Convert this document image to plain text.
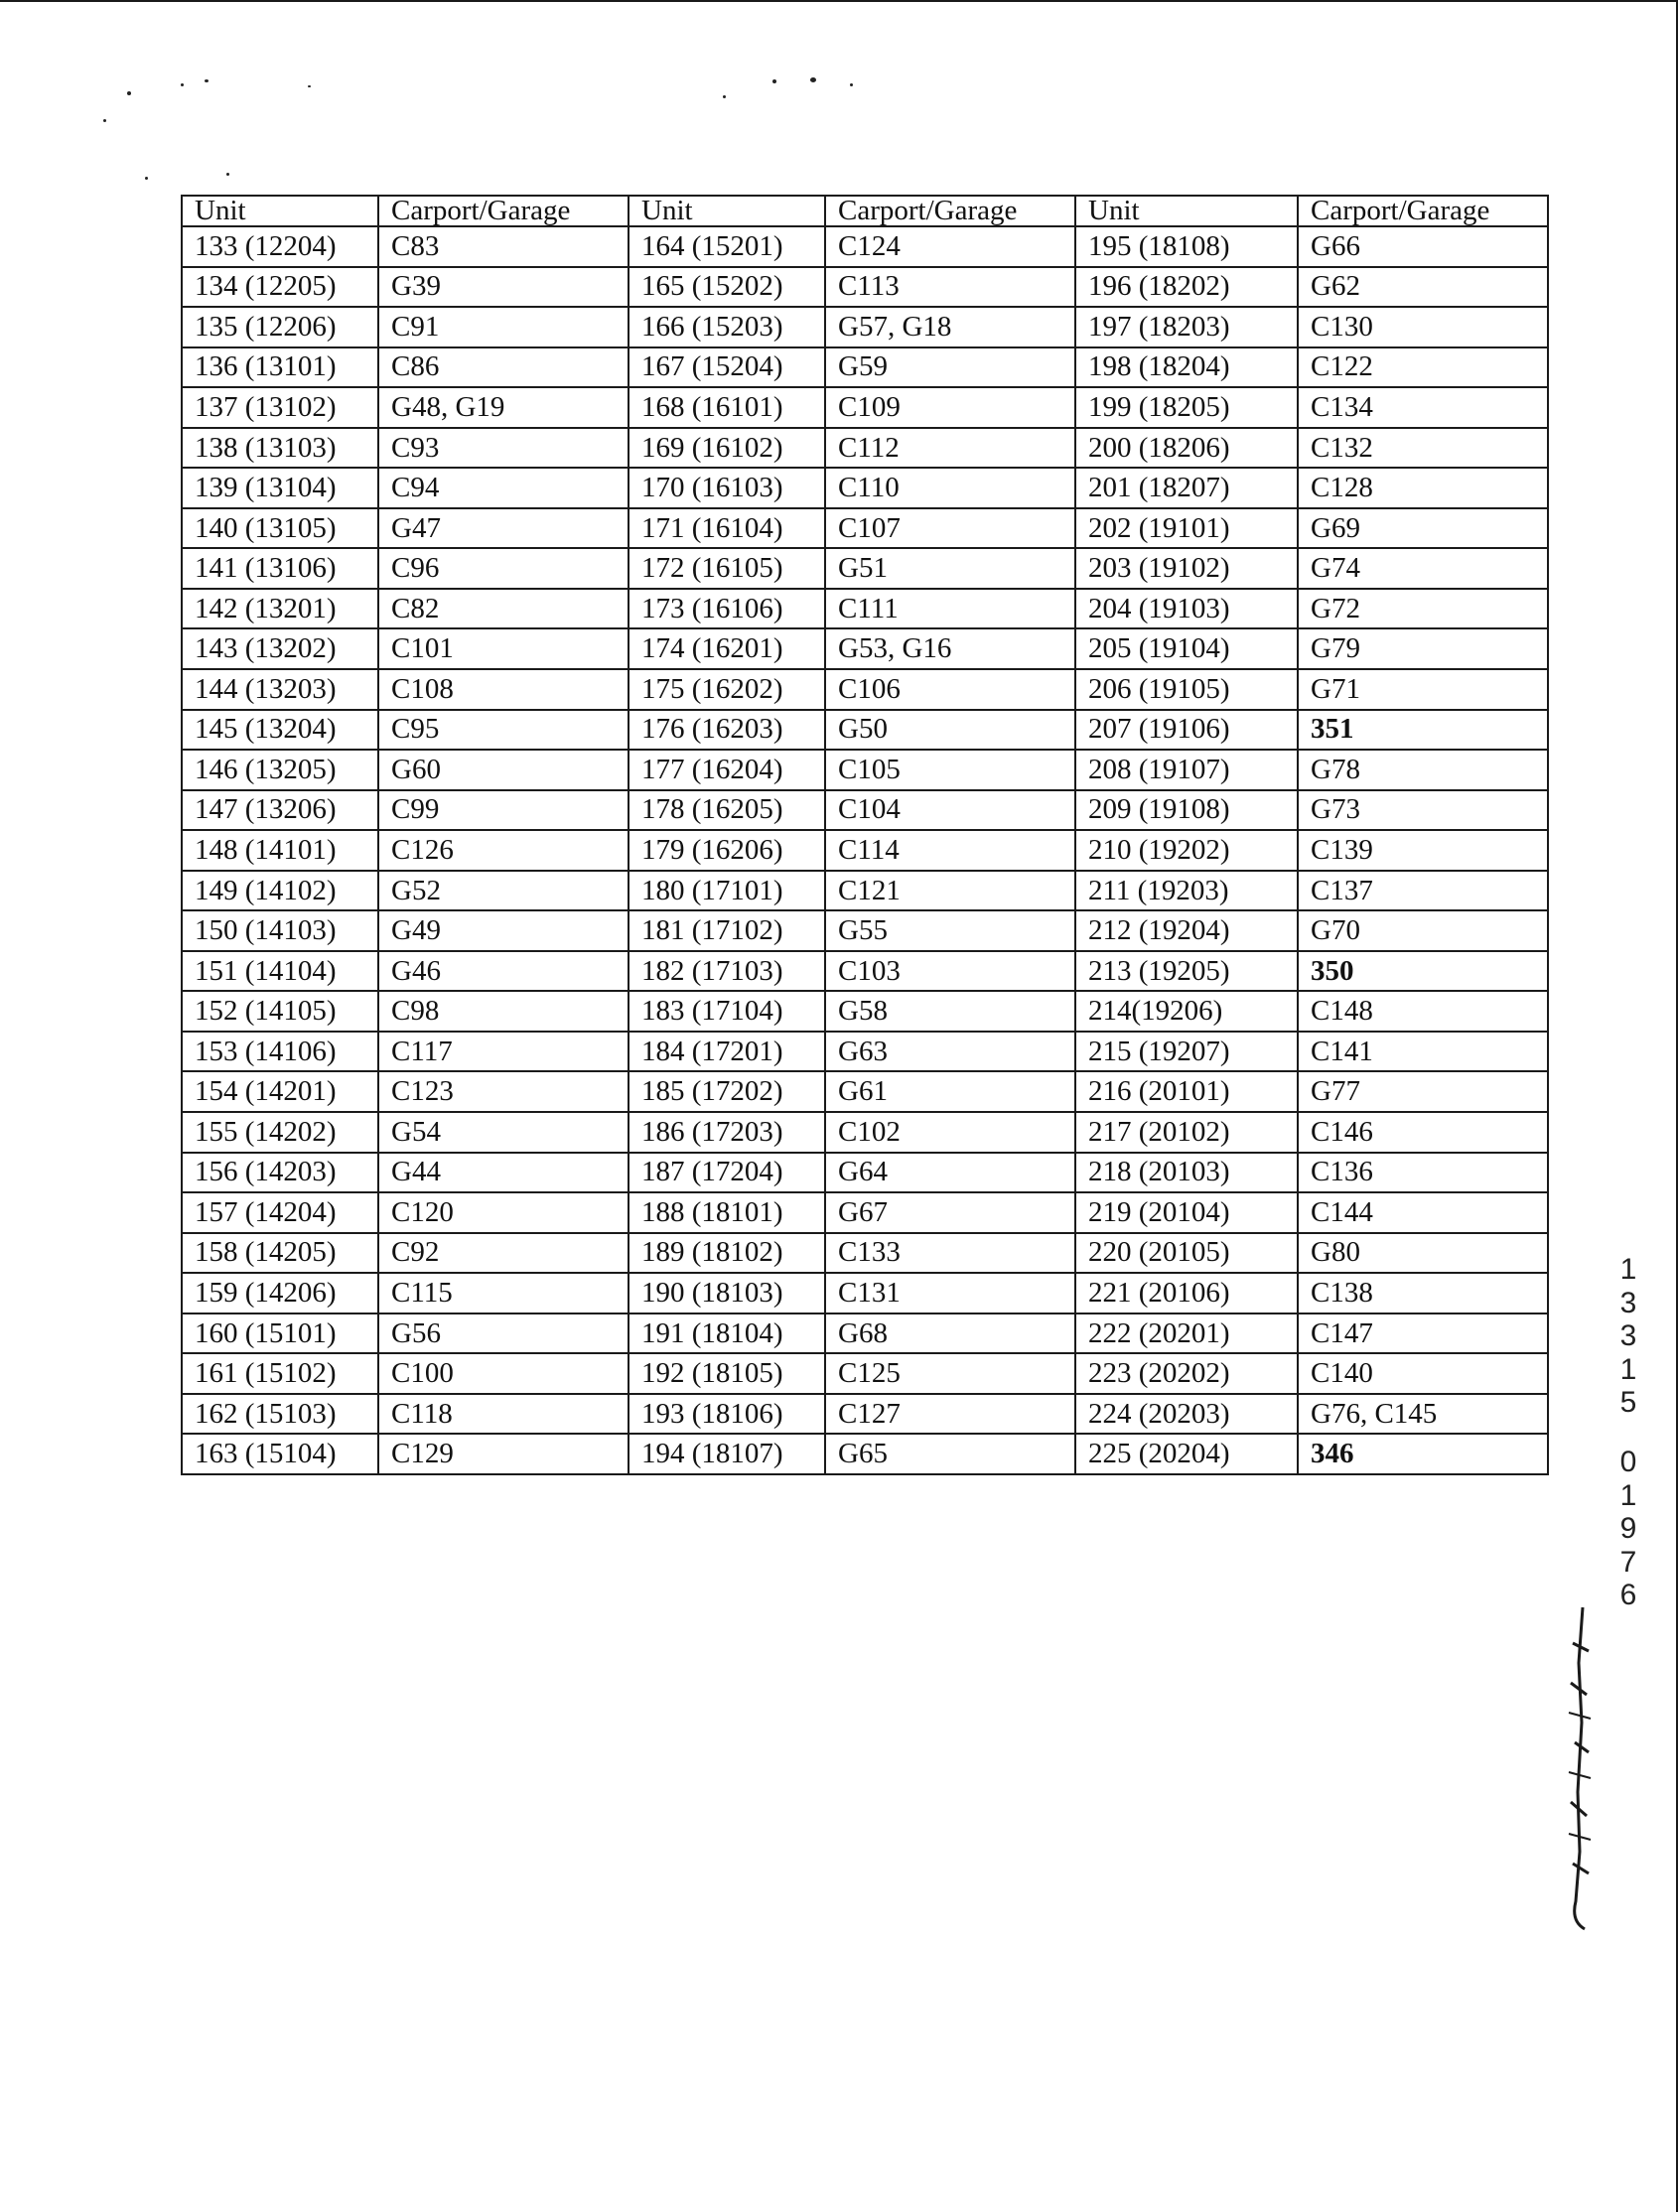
Unit	Carport/Garage	Unit	Carport/Garage	Unit	Carport/Garage
133 (12204)	C83	164 (15201)	C124	195 (18108)	G66
134 (12205)	G39	165 (15202)	C113	196 (18202)	G62
135 (12206)	C91	166 (15203)	G57, G18	197 (18203)	C130
136 (13101)	C86	167 (15204)	G59	198 (18204)	C122
137 (13102)	G48, G19	168 (16101)	C109	199 (18205)	C134
138 (13103)	C93	169 (16102)	C112	200 (18206)	C132
139 (13104)	C94	170 (16103)	C110	201 (18207)	C128
140 (13105)	G47	171 (16104)	C107	202 (19101)	G69
141 (13106)	C96	172 (16105)	G51	203 (19102)	G74
142 (13201)	C82	173 (16106)	C111	204 (19103)	G72
143 (13202)	C101	174 (16201)	G53, G16	205 (19104)	G79
144 (13203)	C108	175 (16202)	C106	206 (19105)	G71
145 (13204)	C95	176 (16203)	G50	207 (19106)	351
146 (13205)	G60	177 (16204)	C105	208 (19107)	G78
147 (13206)	C99	178 (16205)	C104	209 (19108)	G73
148 (14101)	C126	179 (16206)	C114	210 (19202)	C139
149 (14102)	G52	180 (17101)	C121	211 (19203)	C137
150 (14103)	G49	181 (17102)	G55	212 (19204)	G70
151 (14104)	G46	182 (17103)	C103	213 (19205)	350
152 (14105)	C98	183 (17104)	G58	214(19206)	C148
153 (14106)	C117	184 (17201)	G63	215 (19207)	C141
154 (14201)	C123	185 (17202)	G61	216 (20101)	G77
155 (14202)	G54	186 (17203)	C102	217 (20102)	C146
156 (14203)	G44	187 (17204)	G64	218 (20103)	C136
157 (14204)	C120	188 (18101)	G67	219 (20104)	C144
158 (14205)	C92	189 (18102)	C133	220 (20105)	G80
159 (14206)	C115	190 (18103)	C131	221 (20106)	C138
160 (15101)	G56	191 (18104)	G68	222 (20201)	C147
161 (15102)	C100	192 (18105)	C125	223 (20202)	C140
162 (15103)	C118	193 (18106)	C127	224 (20203)	G76, C145
163 (15104)	C129	194 (18107)	G65	225 (20204)	346
1
3
3
1
5
0
1
9
7
6
